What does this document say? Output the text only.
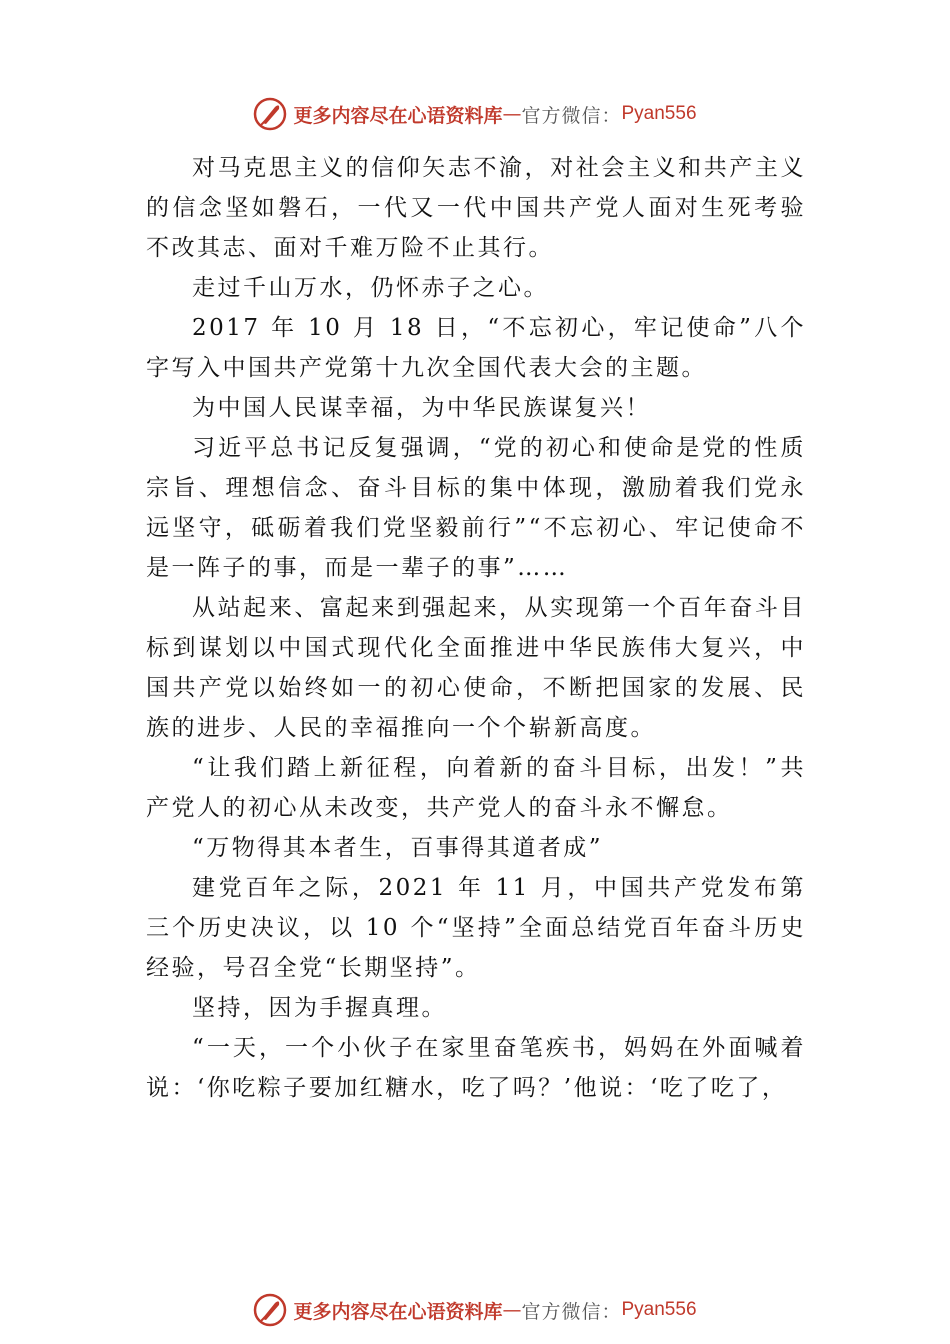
更多内容尽在心语资料库 — 官方微信： Pyan556

对马克思主义的信仰矢志不渝，对社会主义和共产主义的信念坚如磐石，一代又一代中国共产党人面对生死考验不改其志、面对千难万险不止其行。

走过千山万水，仍怀赤子之心。

2017 年 10 月 18 日，“不忘初心，牢记使命”八个字写入中国共产党第十九次全国代表大会的主题。

为中国人民谋幸福，为中华民族谋复兴！

习近平总书记反复强调，“党的初心和使命是党的性质宗旨、理想信念、奋斗目标的集中体现，激励着我们党永远坚守，砥砺着我们党坚毅前行”“不忘初心、牢记使命不是一阵子的事，而是一辈子的事”……

从站起来、富起来到强起来，从实现第一个百年奋斗目标到谋划以中国式现代化全面推进中华民族伟大复兴，中国共产党以始终如一的初心使命，不断把国家的发展、民族的进步、人民的幸福推向一个个崭新高度。

“让我们踏上新征程，向着新的奋斗目标，出发！”共产党人的初心从未改变，共产党人的奋斗永不懈怠。

“万物得其本者生，百事得其道者成”

建党百年之际，2021 年 11 月，中国共产党发布第三个历史决议，以 10 个“坚持”全面总结党百年奋斗历史经验，号召全党“长期坚持”。

坚持，因为手握真理。

“一天，一个小伙子在家里奋笔疾书，妈妈在外面喊着说：‘你吃粽子要加红糖水，吃了吗？’他说：‘吃了吃了，

更多内容尽在心语资料库 — 官方微信： Pyan556
